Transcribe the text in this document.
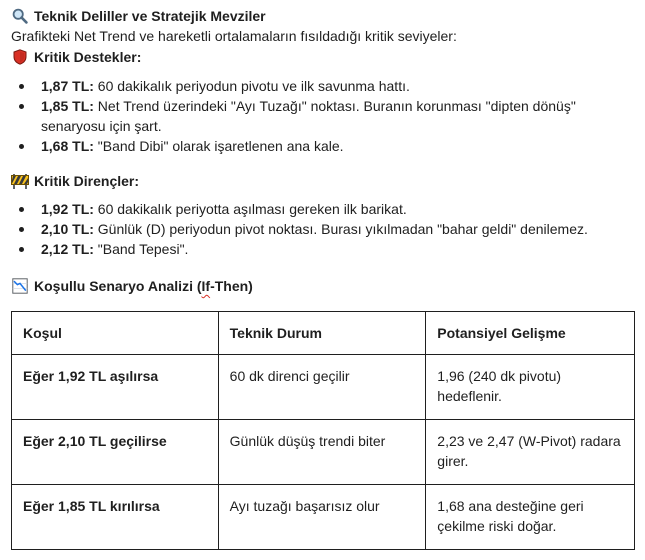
Teknik Deliller ve Stratejik Mevziler
Grafikteki Net Trend ve hareketli ortalamaların fısıldadığı kritik seviyeler:
Kritik Destekler:
1,87 TL: 60 dakikalık periyodun pivotu ve ilk savunma hattı.
1,85 TL: Net Trend üzerindeki "Ayı Tuzağı" noktası. Buranın korunması "dipten dönüş" senaryosu için şart.
1,68 TL: "Band Dibi" olarak işaretlenen ana kale.
Kritik Dirençler:
1,92 TL: 60 dakikalık periyotta aşılması gereken ilk barikat.
2,10 TL: Günlük (D) periyodun pivot noktası. Burası yıkılmadan "bahar geldi" denilemez.
2,12 TL: "Band Tepesi".
Koşullu Senaryo Analizi (If-Then)
Koşul	Teknik Durum	Potansiyel Gelişme
Eğer 1,92 TL aşılırsa	60 dk direnci geçilir	1,96 (240 dk pivotu) hedeflenir.
Eğer 2,10 TL geçilirse	Günlük düşüş trendi biter	2,23 ve 2,47 (W-Pivot) radara girer.
Eğer 1,85 TL kırılırsa	Ayı tuzağı başarısız olur	1,68 ana desteğine geri çekilme riski doğar.
